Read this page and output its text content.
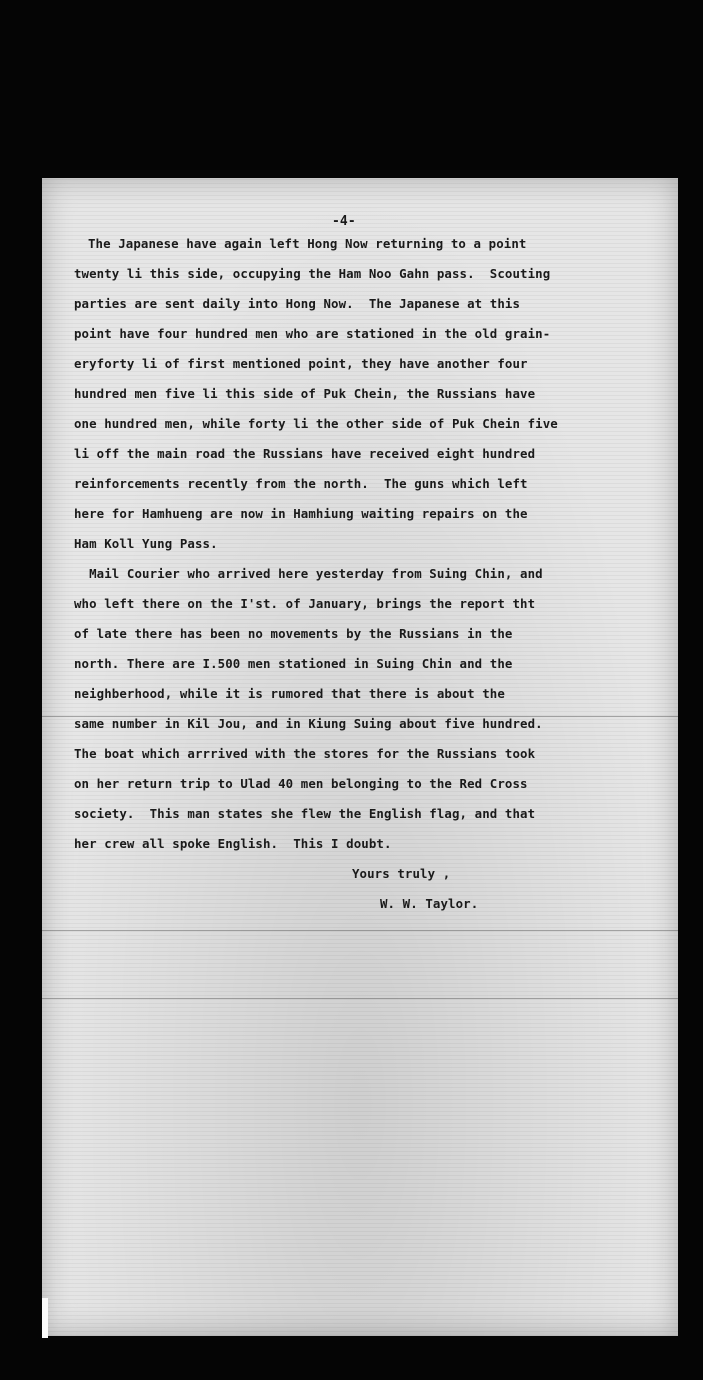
-4-
The Japanese have again left Hong Now returning to a point
twenty li this side, occupying the Ham Noo Gahn pass.  Scouting
parties are sent daily into Hong Now.  The Japanese at this
point have four hundred men who are stationed in the old grain-
eryforty li of first mentioned point, they have another four
hundred men five li this side of Puk Chein, the Russians have
one hundred men, while forty li the other side of Puk Chein five
li off the main road the Russians have received eight hundred
reinforcements recently from the north.  The guns which left
here for Hamhueng are now in Hamhiung waiting repairs on the
Ham Koll Yung Pass.
Mail Courier who arrived here yesterday from Suing Chin, and
who left there on the I'st. of January, brings the report tht
of late there has been no movements by the Russians in the
north. There are I.500 men stationed in Suing Chin and the
neighberhood, while it is rumored that there is about the
same number in Kil Jou, and in Kiung Suing about five hundred.
The boat which arrrived with the stores for the Russians took
on her return trip to Ulad 40 men belonging to the Red Cross
society.  This man states she flew the English flag, and that
her crew all spoke English.  This I doubt.
Yours truly ,
W. W. Taylor.
